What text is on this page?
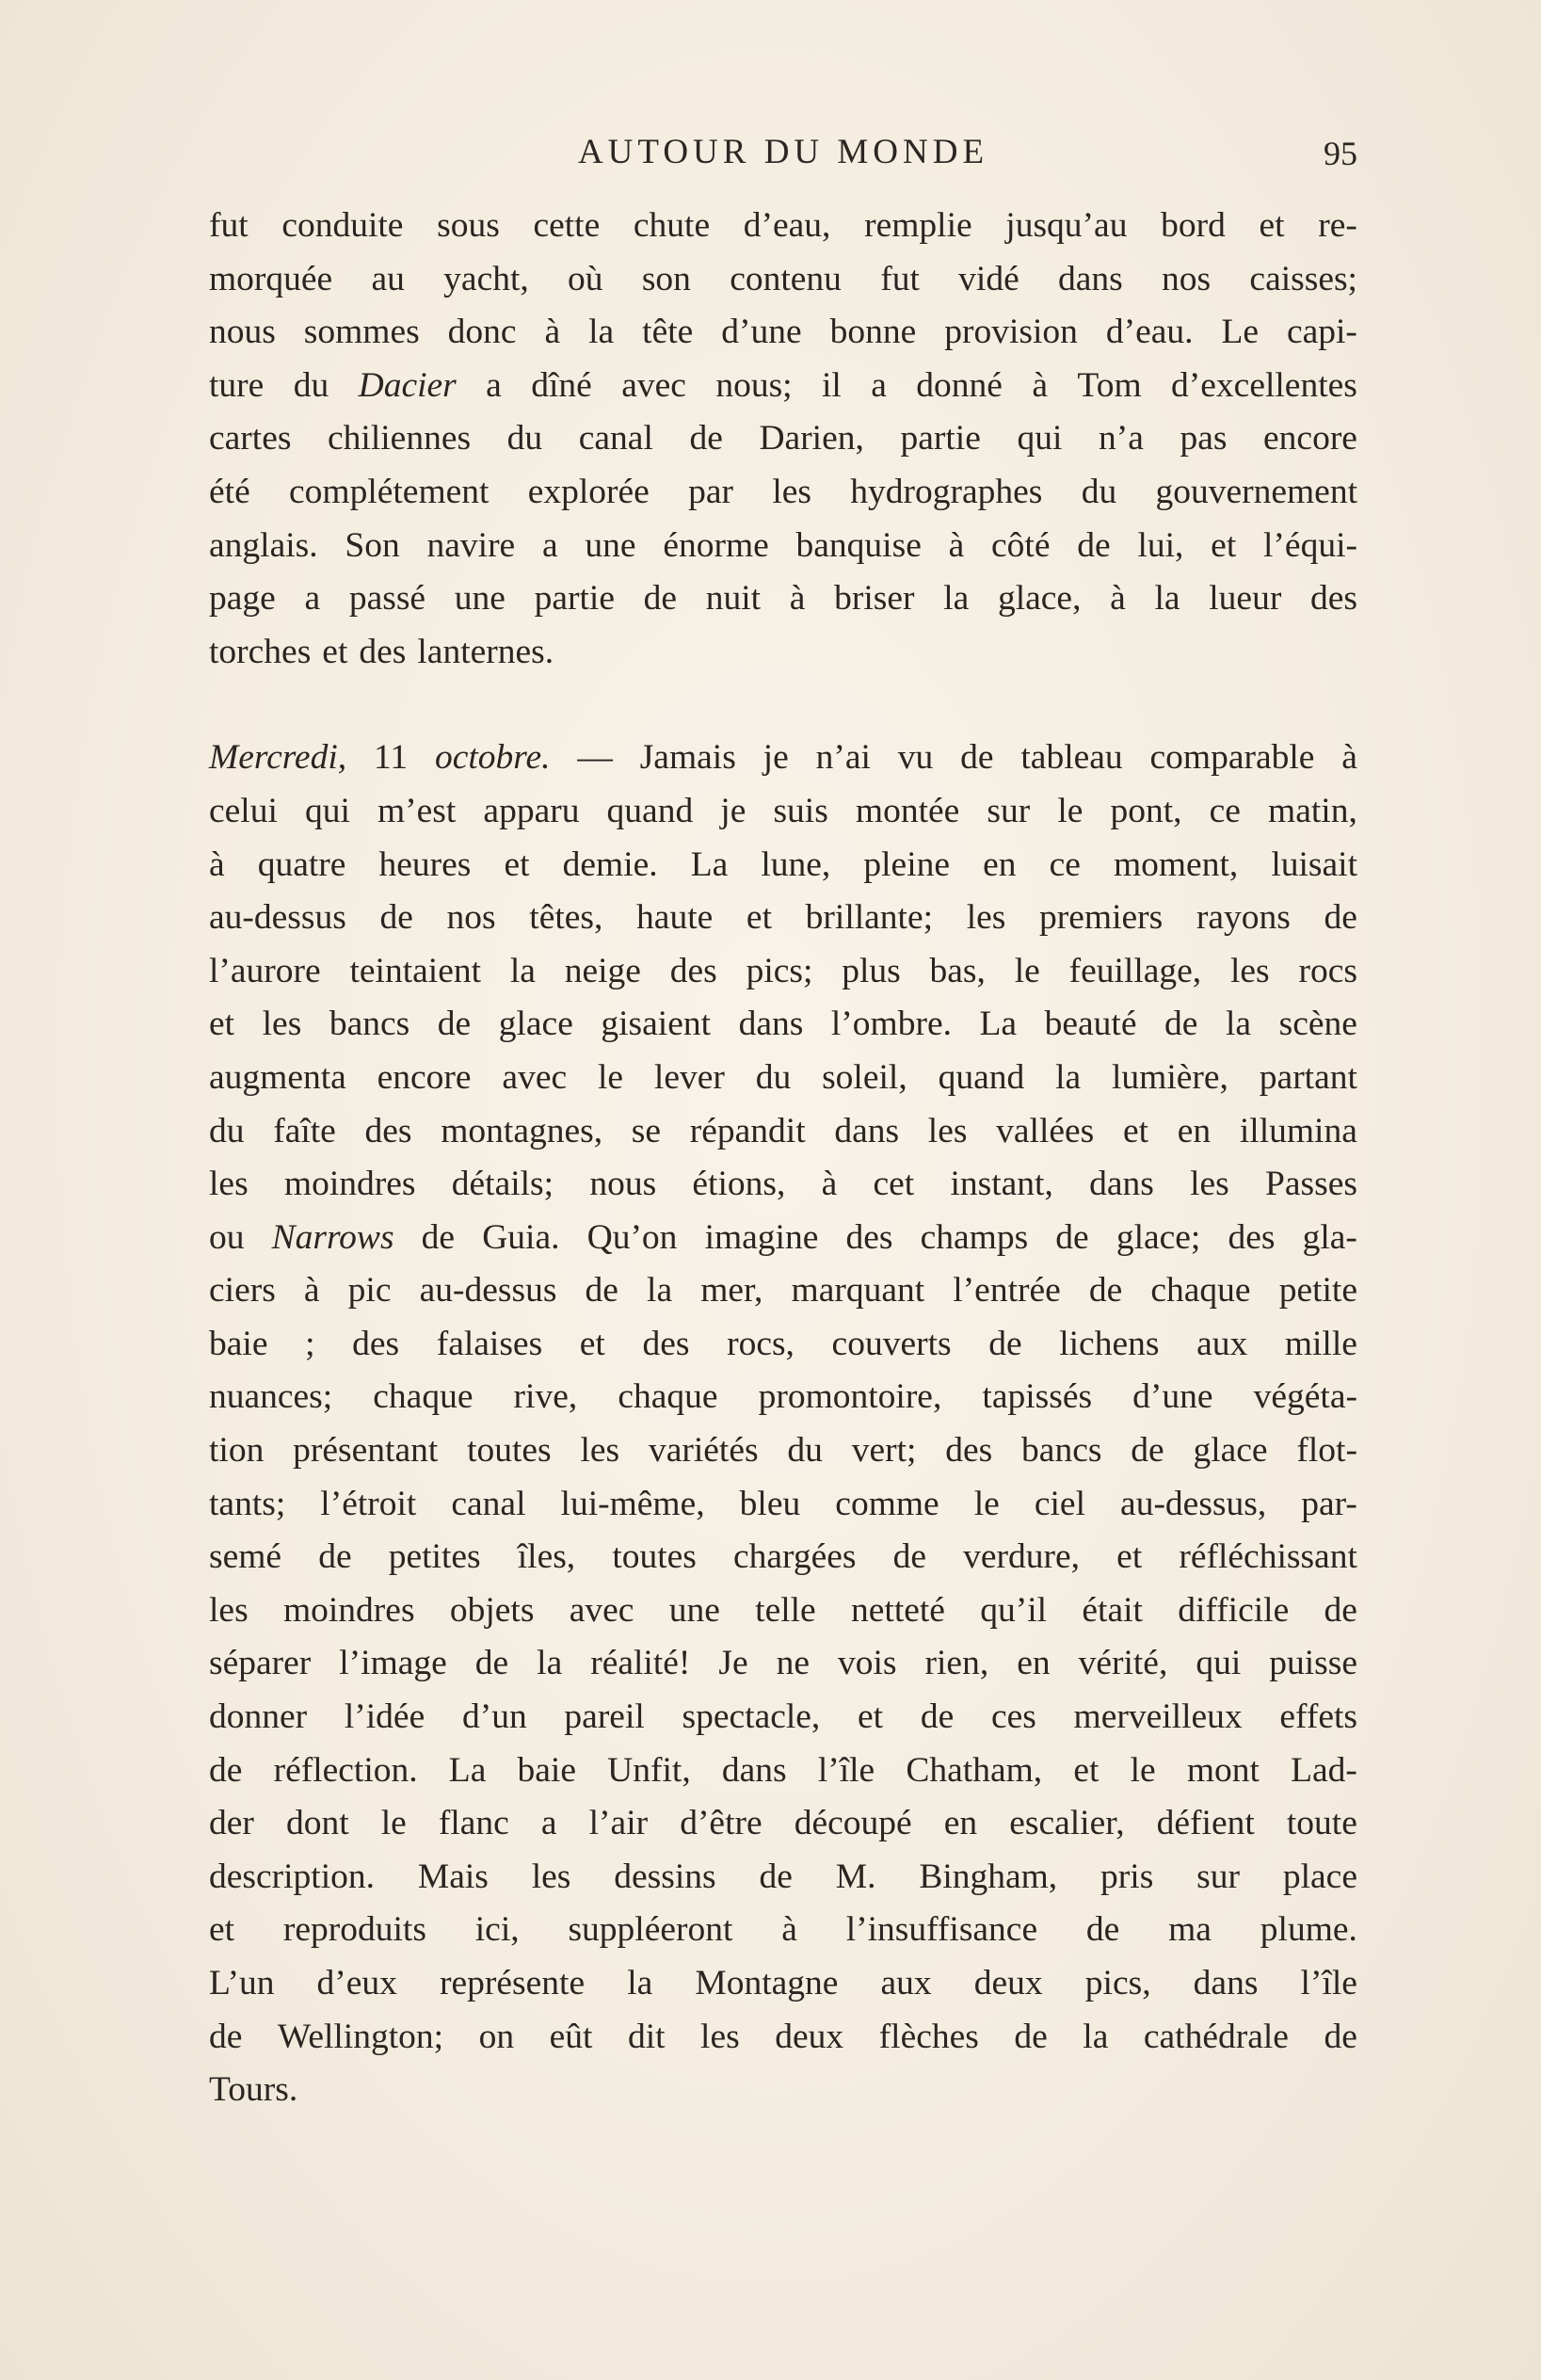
AUTOUR DU MONDE	95
fut conduite sous cette chute d’eau, remplie jusqu’au bord et re-
morquée au yacht, où son contenu fut vidé dans nos caisses;
nous sommes donc à la tête d’une bonne provision d’eau. Le capi-
ture du Dacier a dîné avec nous; il a donné à Tom d’excellentes
cartes chiliennes du canal de Darien, partie qui n’a pas encore
été complétement explorée par les hydrographes du gouvernement
anglais. Son navire a une énorme banquise à côté de lui, et l’équi-
page a passé une partie de nuit à briser la glace, à la lueur des
torches et des lanternes.
Mercredi, 11 octobre. — Jamais je n’ai vu de tableau comparable à
celui qui m’est apparu quand je suis montée sur le pont, ce matin,
à quatre heures et demie. La lune, pleine en ce moment, luisait
au-dessus de nos têtes, haute et brillante; les premiers rayons de
l’aurore teintaient la neige des pics; plus bas, le feuillage, les rocs
et les bancs de glace gisaient dans l’ombre. La beauté de la scène
augmenta encore avec le lever du soleil, quand la lumière, partant
du faîte des montagnes, se répandit dans les vallées et en illumina
les moindres détails; nous étions, à cet instant, dans les Passes
ou Narrows de Guia. Qu’on imagine des champs de glace; des gla-
ciers à pic au-dessus de la mer, marquant l’entrée de chaque petite
baie ; des falaises et des rocs, couverts de lichens aux mille
nuances; chaque rive, chaque promontoire, tapissés d’une végéta-
tion présentant toutes les variétés du vert; des bancs de glace flot-
tants; l’étroit canal lui-même, bleu comme le ciel au-dessus, par-
semé de petites îles, toutes chargées de verdure, et réfléchissant
les moindres objets avec une telle netteté qu’il était difficile de
séparer l’image de la réalité! Je ne vois rien, en vérité, qui puisse
donner l’idée d’un pareil spectacle, et de ces merveilleux effets
de réflection. La baie Unfit, dans l’île Chatham, et le mont Lad-
der dont le flanc a l’air d’être découpé en escalier, défient toute
description. Mais les dessins de M. Bingham, pris sur place
et reproduits ici, suppléeront à l’insuffisance de ma plume.
L’un d’eux représente la Montagne aux deux pics, dans l’île
de Wellington; on eût dit les deux flèches de la cathédrale de
Tours.
